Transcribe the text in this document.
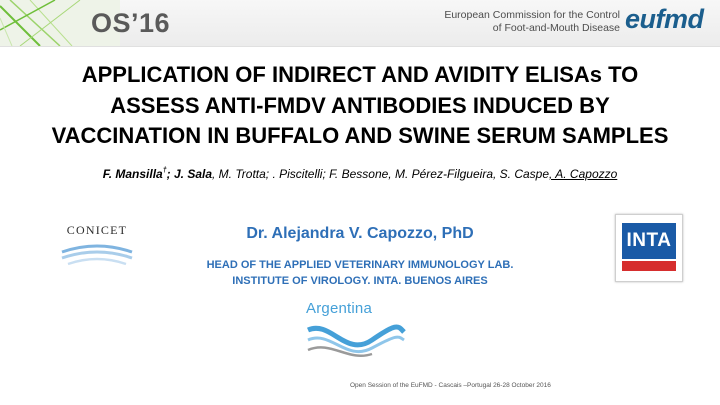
OS’16	European Commission for the Control
of Foot-and-Mouth Disease eufmd
APPLICATION OF INDIRECT AND AVIDITY ELISAs TO
ASSESS ANTI-FMDV ANTIBODIES INDUCED BY
VACCINATION IN BUFFALO AND SWINE SERUM SAMPLES
F. Mansilla†; J. Sala, M. Trotta; . Piscitelli; F. Bessone, M. Pérez-Filgueira, S. Caspe, A. Capozzo
CONICET	Dr. Alejandra V. Capozzo, PhD
HEAD OF THE APPLIED VETERINARY IMMUNOLOGY LAB.
INSTITUTE OF VIROLOGY. INTA. BUENOS AIRES
INTA
Argentina
Open Session of the EuFMD - Cascais –Portugal 26-28 October 2016
